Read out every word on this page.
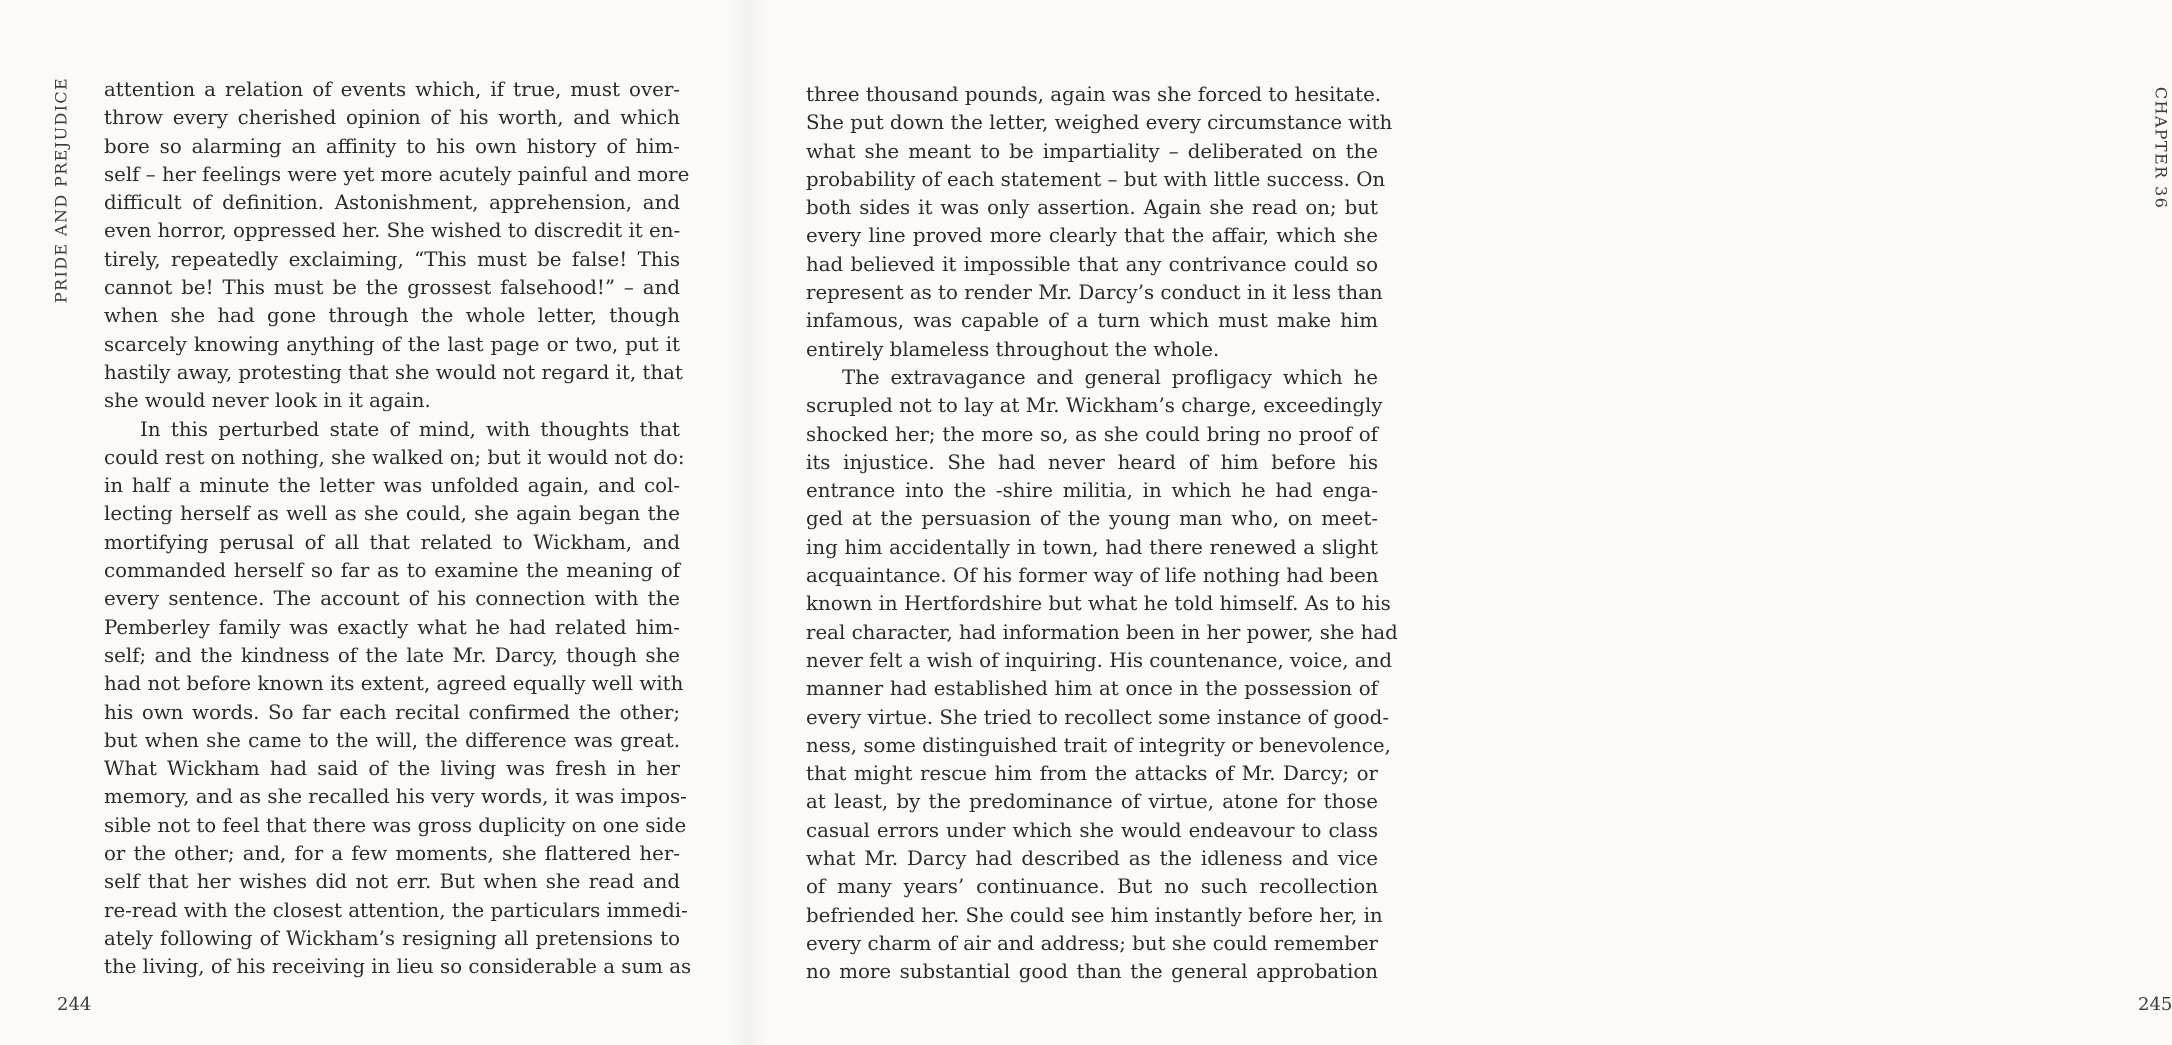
PRIDE AND PREJUDICE attention a relation of events which, if true, must over-
throw every cherished opinion of his worth, and which
bore so alarming an affinity to his own history of him-
self – her feelings were yet more acutely painful and more
difficult of definition. Astonishment, apprehension, and
even horror, oppressed her. She wished to discredit it en-
tirely, repeatedly exclaiming, “This must be false! This
cannot be! This must be the grossest falsehood!” – and
when she had gone through the whole letter, though
scarcely knowing anything of the last page or two, put it
hastily away, protesting that she would not regard it, that
she would never look in it again.
In this perturbed state of mind, with thoughts that
could rest on nothing, she walked on; but it would not do:
in half a minute the letter was unfolded again, and col-
lecting herself as well as she could, she again began the
mortifying perusal of all that related to Wickham, and
commanded herself so far as to examine the meaning of
every sentence. The account of his connection with the
Pemberley family was exactly what he had related him-
self; and the kindness of the late Mr. Darcy, though she
had not before known its extent, agreed equally well with
his own words. So far each recital confirmed the other;
but when she came to the will, the difference was great.
What Wickham had said of the living was fresh in her
memory, and as she recalled his very words, it was impos-
sible not to feel that there was gross duplicity on one side
or the other; and, for a few moments, she flattered her-
self that her wishes did not err. But when she read and
re-read with the closest attention, the particulars immedi-
ately following of Wickham’s resigning all pretensions to
the living, of his receiving in lieu so considerable a sum as
244
CHAPTER 36
245
three thousand pounds, again was she forced to hesitate.
She put down the letter, weighed every circumstance with
what she meant to be impartiality – deliberated on the
probability of each statement – but with little success. On
both sides it was only assertion. Again she read on; but
every line proved more clearly that the affair, which she
had believed it impossible that any contrivance could so
represent as to render Mr. Darcy’s conduct in it less than
infamous, was capable of a turn which must make him
entirely blameless throughout the whole.
The extravagance and general profligacy which he
scrupled not to lay at Mr. Wickham’s charge, exceedingly
shocked her; the more so, as she could bring no proof of
its injustice. She had never heard of him before his
entrance into the -shire militia, in which he had enga-
ged at the persuasion of the young man who, on meet-
ing him accidentally in town, had there renewed a slight
acquaintance. Of his former way of life nothing had been
known in Hertfordshire but what he told himself. As to his
real character, had information been in her power, she had
never felt a wish of inquiring. His countenance, voice, and
manner had established him at once in the possession of
every virtue. She tried to recollect some instance of good-
ness, some distinguished trait of integrity or benevolence,
that might rescue him from the attacks of Mr. Darcy; or
at least, by the predominance of virtue, atone for those
casual errors under which she would endeavour to class
what Mr. Darcy had described as the idleness and vice
of many years’ continuance. But no such recollection
befriended her. She could see him instantly before her, in
every charm of air and address; but she could remember
no more substantial good than the general approbation
